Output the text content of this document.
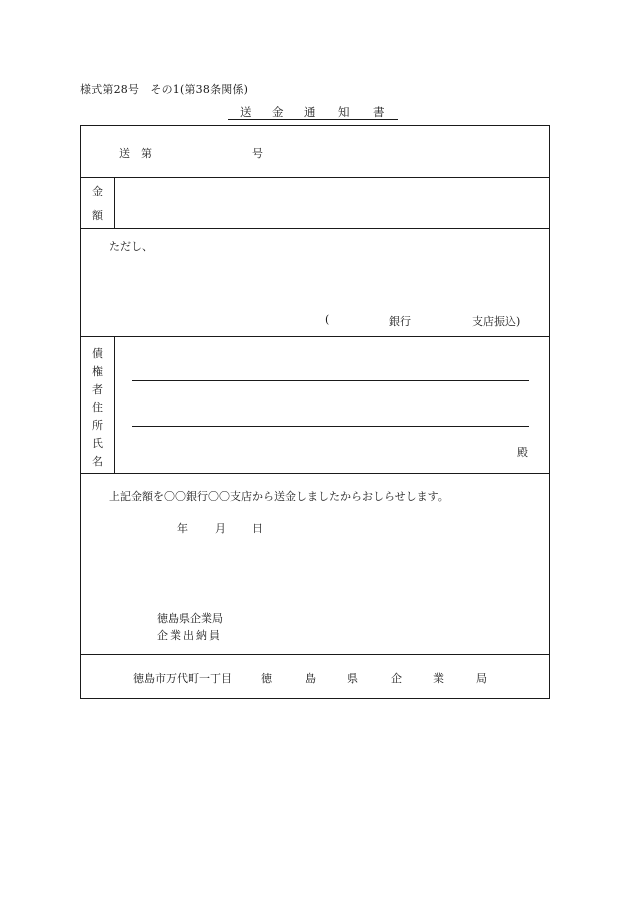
様式第28号　その1(第38条関係)
送 金 通 知 書
送　第	号
金
額
ただし、
(	銀行	支店振込)
債
権
者
住
所
氏
名
殿
上記金額を〇〇銀行〇〇支店から送金しましたからおしらせします。
年 月 日
徳島県企業局
企業出納員
徳島市万代町一丁目	徳	島	県	企	業	局
